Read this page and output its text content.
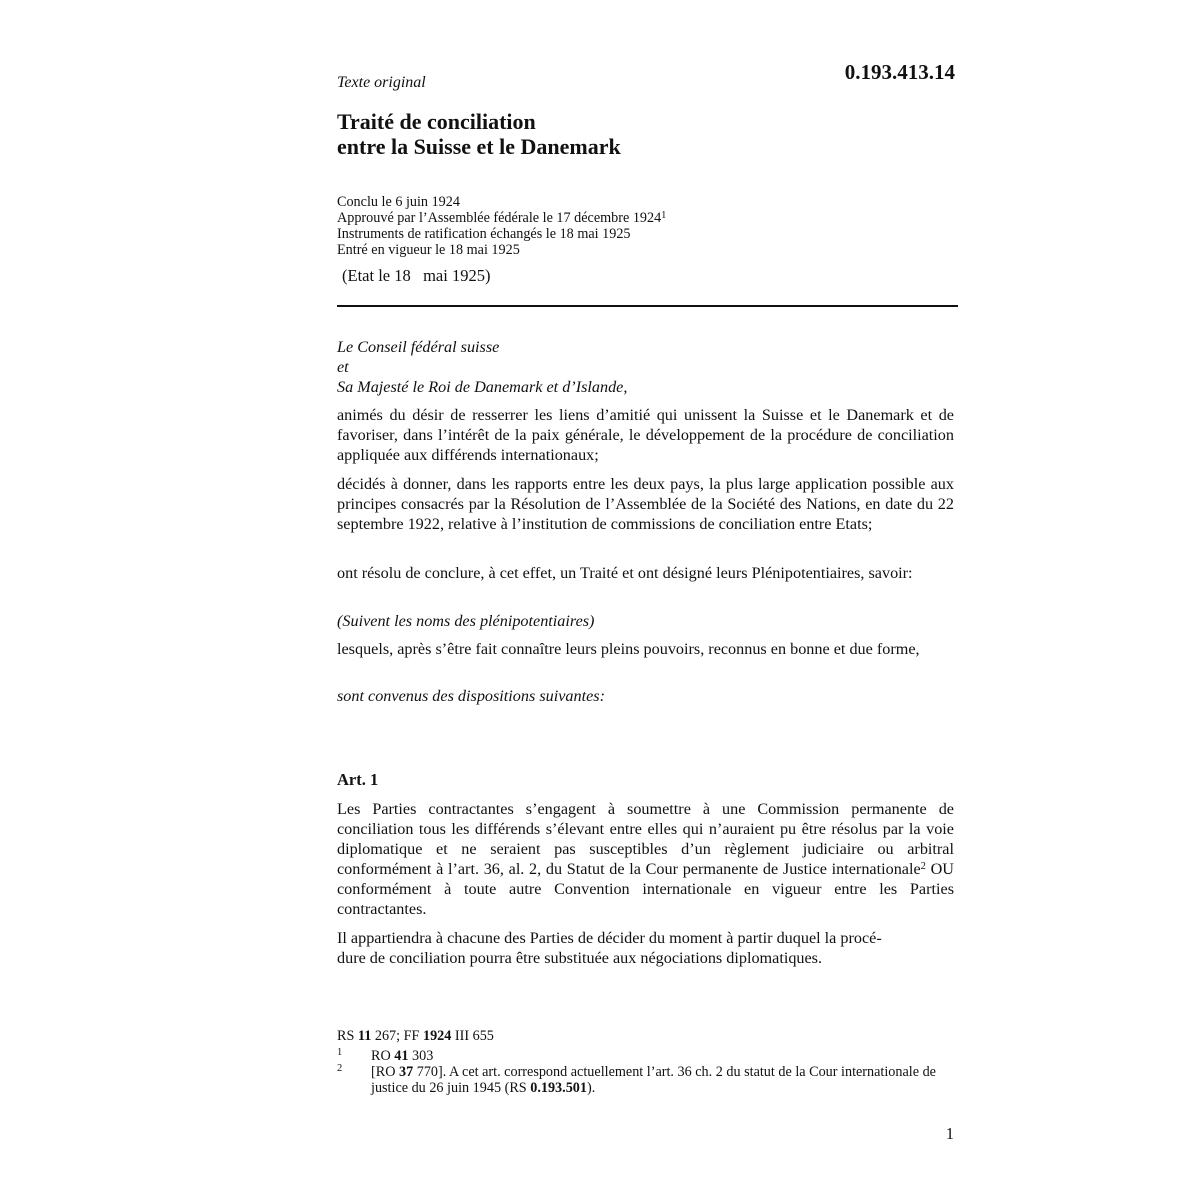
0.193.413.14
Texte original
Traité de conciliation
entre la Suisse et le Danemark
Conclu le 6 juin 1924
Approuvé par l’Assemblée fédérale le 17 décembre 1924$^1$
Instruments de ratification échangés le 18 mai 1925
Entré en vigueur le 18 mai 1925
(Etat le 18   mai 1925)
Le Conseil fédéral suisse
et
Sa Majesté le Roi de Danemark et d’Islande,
animés du désir de resserrer les liens d’amitié qui unissent la Suisse et le Danemark et de favoriser, dans l’intérêt de la paix générale, le développement de la procédure de conciliation appliquée aux différends internationaux;
décidés à donner, dans les rapports entre les deux pays, la plus large application possible aux principes consacrés par la Résolution de l’Assemblée de la Société des Nations, en date du 22 septembre 1922, relative à l’institution de commissions de conciliation entre Etats;
ont résolu de conclure, à cet effet, un Traité et ont désigné leurs Plénipotentiaires, savoir:
(Suivent les noms des plénipotentiaires)
lesquels, après s’être fait connaître leurs pleins pouvoirs, reconnus en bonne et due forme,
sont convenus des dispositions suivantes:
Art. 1
Les Parties contractantes s’engagent à soumettre à une Commission permanente de conciliation tous les différends s’élevant entre elles qui n’auraient pu être résolus par la voie diplomatique et ne seraient pas susceptibles d’un règlement judiciaire ou arbitral conformément à l’art. 36, al. 2, du Statut de la Cour permanente de Justice internationale$^2$ OU conformément à toute autre Convention internationale en vigueur entre les Parties contractantes.
Il appartiendra à chacune des Parties de décider du moment à partir duquel la procé-
dure de conciliation pourra être substituée aux négociations diplomatiques.
RS 11 267; FF 1924 III 655
1 RO 41 303
2 [RO 37 770]. A cet art. correspond actuellement l’art. 36 ch. 2 du statut de la Cour internationale de justice du 26 juin 1945 (RS 0.193.501).
1
